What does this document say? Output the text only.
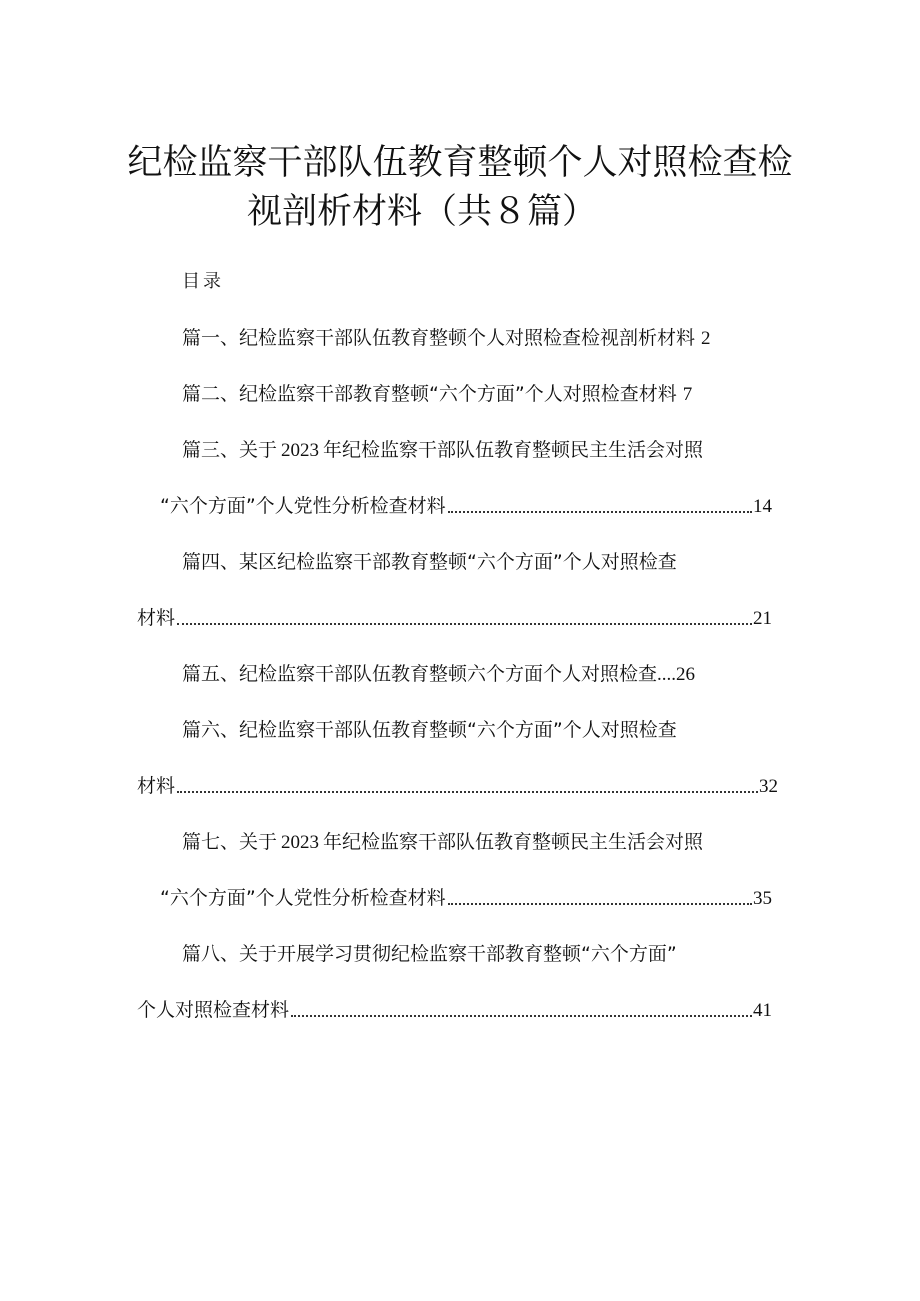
纪检监察干部队伍教育整顿个人对照检查检
视剖析材料（共８篇）
目录
篇一、纪检监察干部队伍教育整顿个人对照检查检视剖析材料 2
篇二、纪检监察干部教育整顿“六个方面”个人对照检查材料 7
篇三、关于 2023 年纪检监察干部队伍教育整顿民主生活会对照
“六个方面”个人党性分析检查材料	14
篇四、某区纪检监察干部教育整顿“六个方面”个人对照检查
材料	21
篇五、纪检监察干部队伍教育整顿六个方面个人对照检查 .... 26
篇六、纪检监察干部队伍教育整顿“六个方面”个人对照检查
材料	32
篇七、关于 2023 年纪检监察干部队伍教育整顿民主生活会对照
“六个方面”个人党性分析检查材料	35
篇八、关于开展学习贯彻纪检监察干部教育整顿“六个方面”
个人对照检查材料	41
